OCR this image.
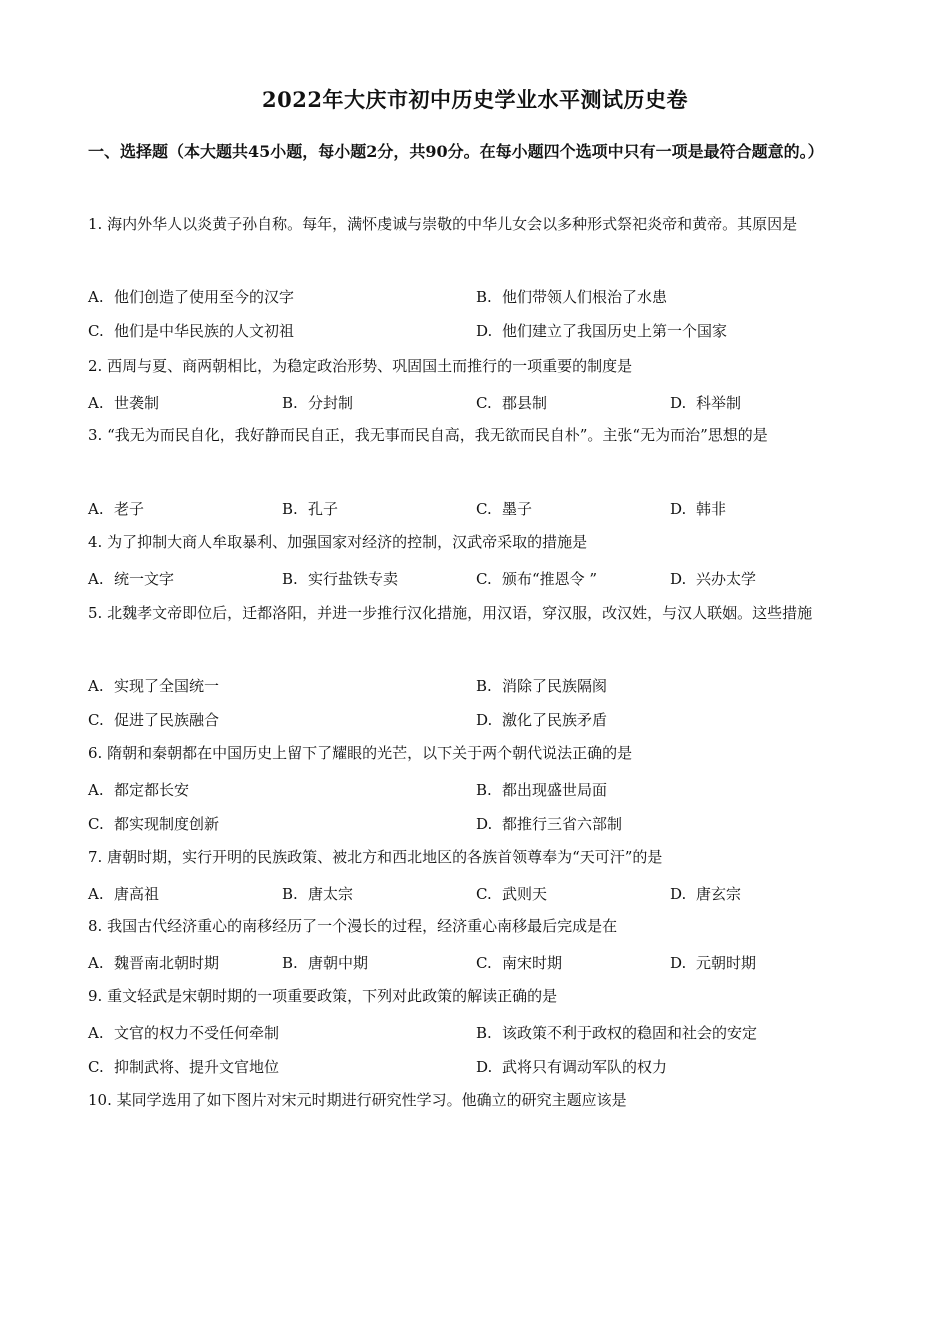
2022年大庆市初中历史学业水平测试历史卷
一、选择题（本大题共45小题，每小题2分，共90分。在每小题四个选项中只有一项是最符合题意的。）
1. 海内外华人以炎黄子孙自称。每年，满怀虔诚与崇敬的中华儿女会以多种形式祭祀炎帝和黄帝。其原因是
A. 他们创造了使用至今的汉字	B. 他们带领人们根治了水患
C. 他们是中华民族的人文初祖	D. 他们建立了我国历史上第一个国家
2. 西周与夏、商两朝相比，为稳定政治形势、巩固国土而推行的一项重要的制度是
A. 世袭制	B. 分封制	C. 郡县制	D. 科举制
3. “我无为而民自化，我好静而民自正，我无事而民自高，我无欲而民自朴”。主张“无为而治”思想的是
A. 老子	B. 孔子	C. 墨子	D. 韩非
4. 为了抑制大商人牟取暴利、加强国家对经济的控制，汉武帝采取的措施是
A. 统一文字	B. 实行盐铁专卖	C. 颁布“推恩令 ”	D. 兴办太学
5. 北魏孝文帝即位后，迁都洛阳，并进一步推行汉化措施，用汉语，穿汉服，改汉姓，与汉人联姻。这些措施
A. 实现了全国统一	B. 消除了民族隔阂
C. 促进了民族融合	D. 激化了民族矛盾
6. 隋朝和秦朝都在中国历史上留下了耀眼的光芒，以下关于两个朝代说法正确的是
A. 都定都长安	B. 都出现盛世局面
C. 都实现制度创新	D. 都推行三省六部制
7. 唐朝时期，实行开明的民族政策、被北方和西北地区的各族首领尊奉为“天可汗”的是
A. 唐高祖	B. 唐太宗	C. 武则天	D. 唐玄宗
8. 我国古代经济重心的南移经历了一个漫长的过程，经济重心南移最后完成是在
A. 魏晋南北朝时期	B. 唐朝中期	C. 南宋时期	D. 元朝时期
9. 重文轻武是宋朝时期的一项重要政策，下列对此政策的解读正确的是
A. 文官的权力不受任何牵制	B. 该政策不利于政权的稳固和社会的安定
C. 抑制武将、提升文官地位	D. 武将只有调动军队的权力
10. 某同学选用了如下图片对宋元时期进行研究性学习。他确立的研究主题应该是
